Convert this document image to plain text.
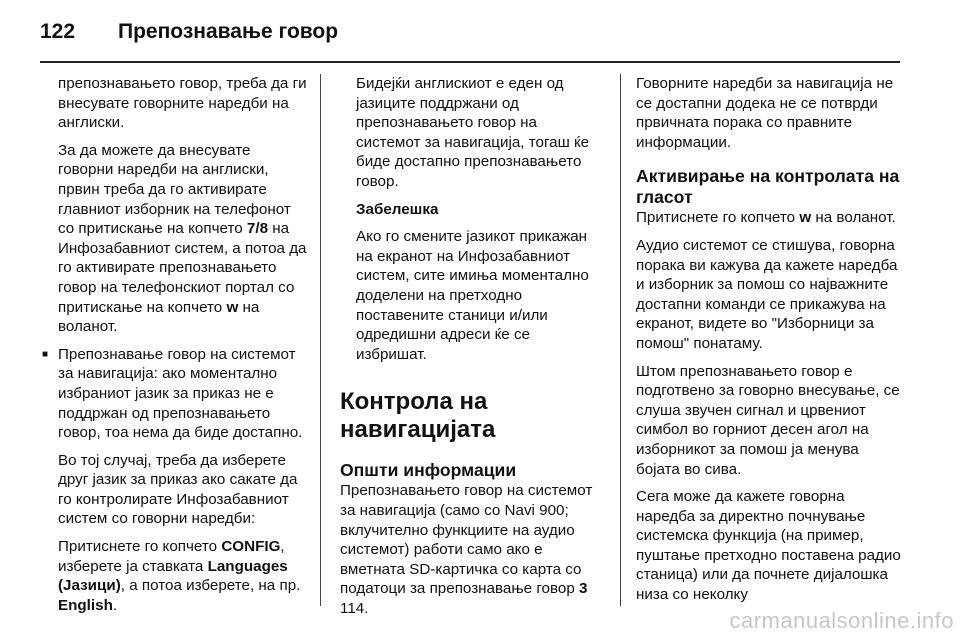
122 Препознавање говор

препознавањето говор, треба да ги внесувате говорните наредби на англиски.

За да можете да внесувате говорни наредби на англиски, првин треба да го активирате главниот изборник на телефонот со притискање на копчето 7/8 на Инфозабавниот систем, а потоа да го активирате препознавањето говор на телефонскиот портал со притискање на копчето w на воланот.

■ Препознавање говор на системот за навигација: ако моментално избраниот јазик за приказ не е поддржан од препознавањето говор, тоа нема да биде достапно.

Во тој случај, треба да изберете друг јазик за приказ ако сакате да го контролирате Инфозабавниот систем со говорни наредби:

Притиснете го копчето CONFIG, изберете ја ставката Languages (Јазици), а потоа изберете, на пр. English.

Бидејќи англискиот е еден од јазиците поддржани од препознавањето говор на системот за навигација, тогаш ќе биде достапно препознавањето говор.

Забелешка

Ако го смените јазикот прикажан на екранот на Инфозабавниот систем, сите имиња моментално доделени на претходно поставените станици и/или одредишни адреси ќе се избришат.

Контрола на навигацијата
Општи информации

Препознавањето говор на системот за навигација (само со Navi 900; вклучително функциите на аудио системот) работи само ако е вметната SD-картичка со карта со податоци за препознавање говор 3 114.

Говорните наредби за навигација не се достапни додека не се потврди првичната порака со правните информации.

Активирање на контролата на гласот

Притиснете го копчето w на воланот.

Аудио системот се стишува, говорна порака ви кажува да кажете наредба и изборник за помош со најважните достапни команди се прикажува на екранот, видете во "Изборници за помош" понатаму.

Штом препознавањето говор е подготвено за говорно внесување, се слуша звучен сигнал и црвениот симбол во горниот десен агол на изборникот за помош ја менува бојата во сива.

Сега може да кажете говорна наредба за директно почнување системска функција (на пример, пуштање претходно поставена радио станица) или да почнете дијалошка низа со неколку

carmanualsonline.info
